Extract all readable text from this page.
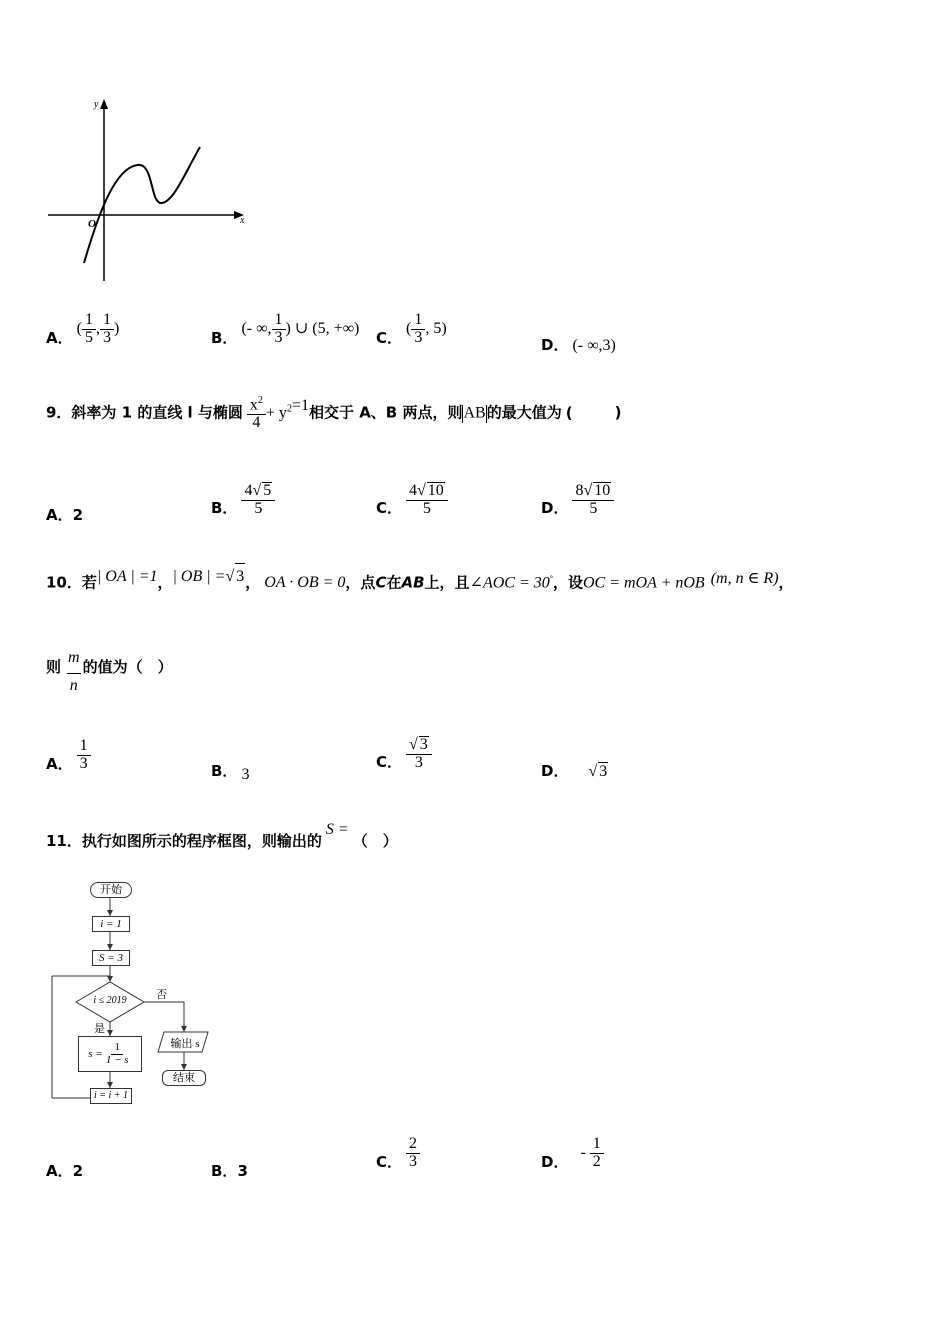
x
y
O
A． ( $\frac{1}{5}$ , $\frac{1}{3}$ )
B． (- ∞, $\frac{1}{3}$ ) ∪ (5, +∞)
C． ( $\frac{1}{3}$ , 5)
D． (- ∞,3)
9．斜率为 1 的直线 l 与椭圆 $\frac{x^2}{4} + y^2=1$相交于 A、B 两点，则AB的最大值为 (	)
A．2	B． $\frac{4√ 5}{5}$	C． $\frac{4√ 10}{5}$	D． $\frac{8√ 10}{5}$
10．若| OA | =1，| OB | =√ 3， OA · OB = 0，点C在AB上，且∠AOC = 30°，设OC = mOA + nOB (m, n ∈ R)，
则 $\frac{m}{n}$ 的值为（　）
A． $\frac{1}{3}$	B． 3
C． $\frac{√ 3}{3}$	D． √ 3
11．执行如图所示的程序框图，则输出的S =（　）
开始
i = 1
S = 3
i ≤ 2019	否
是
$s = \frac{1}{1 - s}$
i = i + 1
输出 s
结束
A．2	B．3
C． $\frac{2}{3}$	D． - $\frac{1}{2}$
